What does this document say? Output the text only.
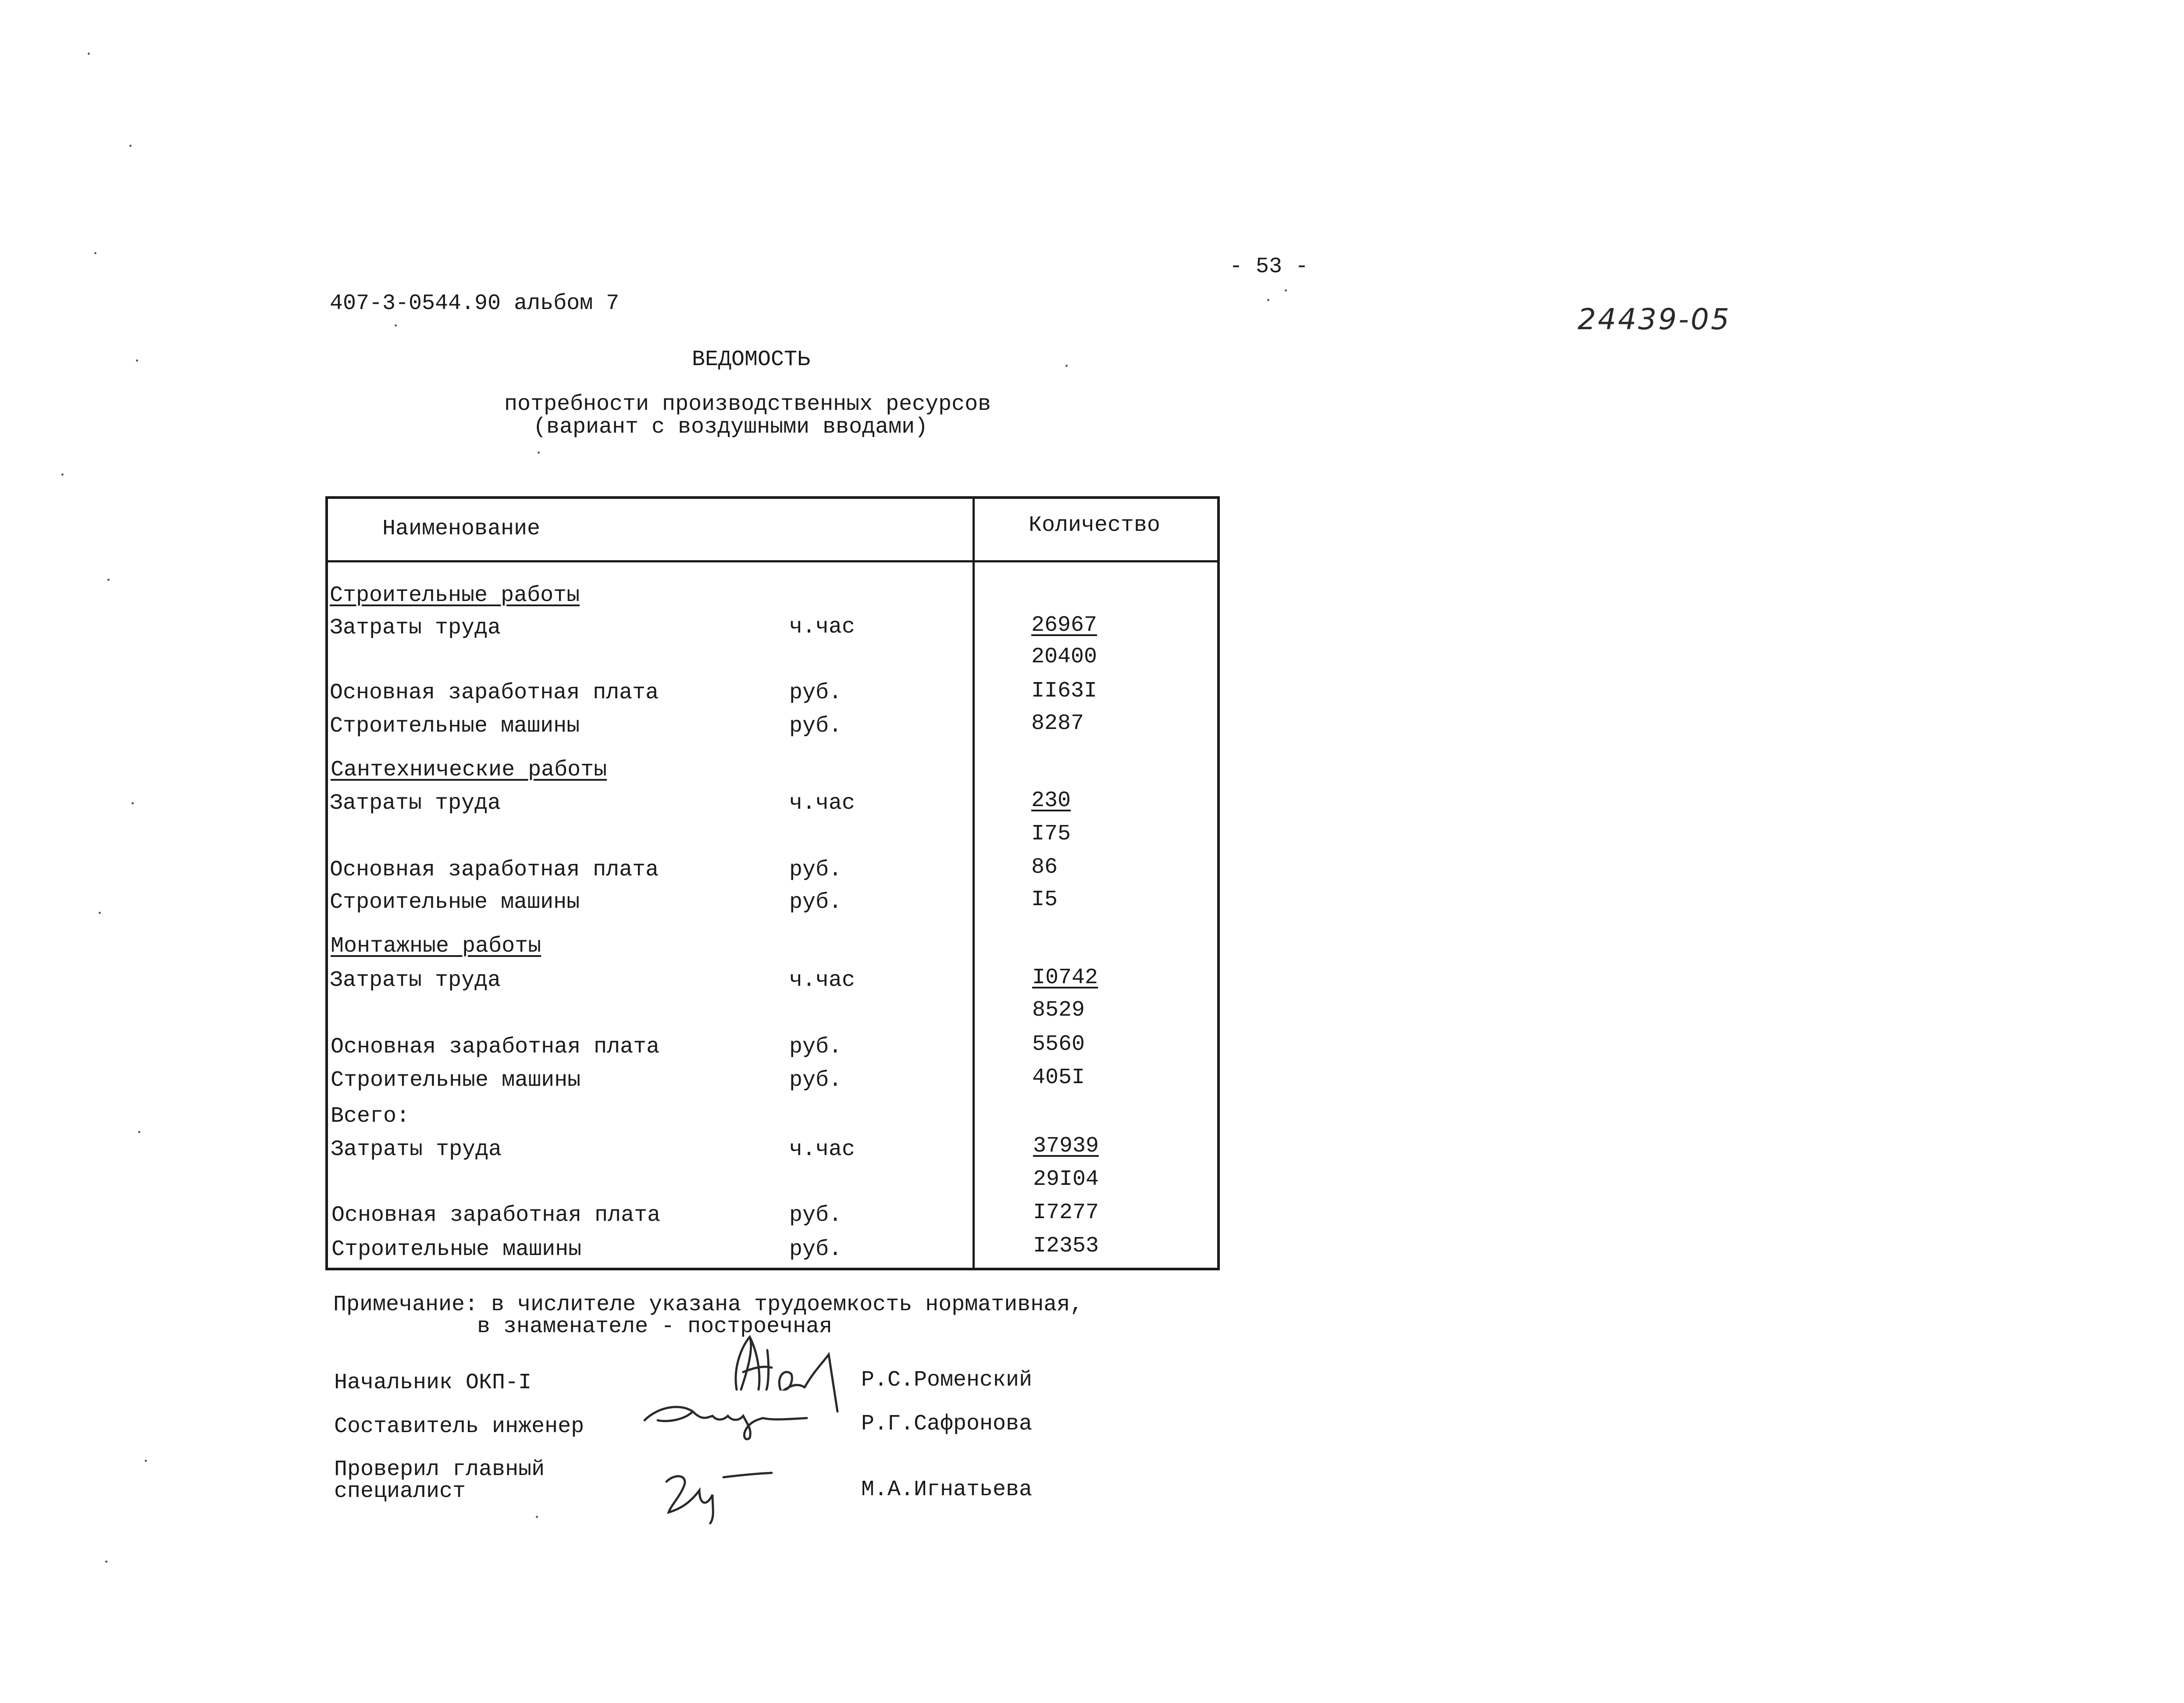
- 53 -
407-3-0544.90 альбом 7	24439-05
ВЕДОМОСТЬ
потребности производственных ресурсов
(вариант с воздушными вводами)
Наименование	Количество
Строительные работы
Затраты труда	ч.час	26967
20400
Основная заработная плата	руб.	II63I
Строительные машины	руб.	8287
Сантехнические работы
Затраты труда	ч.час	230
I75
Основная заработная плата	руб.	86
Строительные машины	руб.	I5
Монтажные работы
Затраты труда	ч.час	I0742
8529
Основная заработная плата	руб.	5560
Строительные машины	руб.	405I
Всего:
Затраты труда	ч.час	37939
29I04
Основная заработная плата	руб.	I7277
Строительные машины	руб.	I2353
Примечание: в числителе указана трудоемкость нормативная,
в знаменателе - построечная
Начальник ОКП-I	Р.С.Роменский
Составитель инженер	Р.Г.Сафронова
Проверил главный
специалист	М.А.Игнатьева
